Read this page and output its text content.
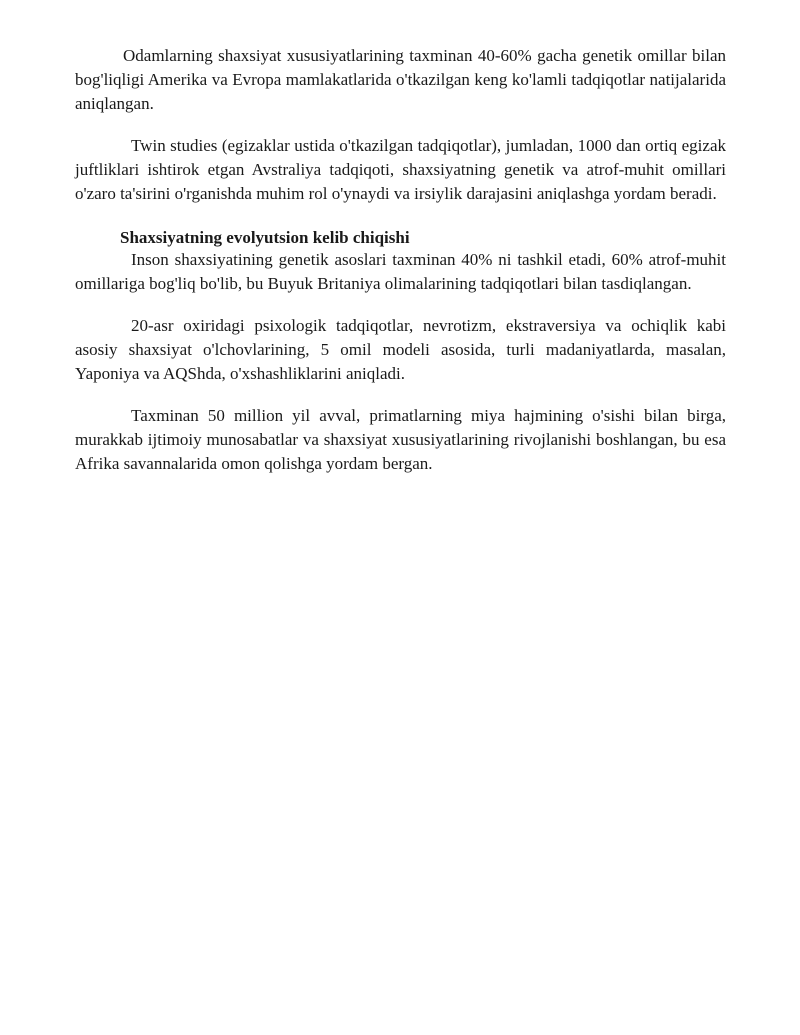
Odamlarning shaxsiyat xususiyatlarining taxminan 40-60% gacha genetik omillar bilan bog'liqligi Amerika va Evropa mamlakatlarida o'tkazilgan keng ko'lamli tadqiqotlar natijalarida aniqlangan.

Twin studies (egizaklar ustida o'tkazilgan tadqiqotlar), jumladan, 1000 dan ortiq egizak juftliklari ishtirok etgan Avstraliya tadqiqoti, shaxsiyatning genetik va atrof-muhit omillari o'zaro ta'sirini o'rganishda muhim rol o'ynaydi va irsiylik darajasini aniqlashga yordam beradi.

Shaxsiyatning evolyutsion kelib chiqishi

Inson shaxsiyatining genetik asoslari taxminan 40% ni tashkil etadi, 60% atrof-muhit omillariga bog'liq bo'lib, bu Buyuk Britaniya olimalarining tadqiqotlari bilan tasdiqlangan.

20-asr oxiridagi psixologik tadqiqotlar, nevrotizm, ekstraversiya va ochiqlik kabi asosiy shaxsiyat o'lchovlarining, 5 omil modeli asosida, turli madaniyatlarda, masalan, Yaponiya va AQShda, o'xshashliklarini aniqladi.

Taxminan 50 million yil avval, primatlarning miya hajmining o'sishi bilan birga, murakkab ijtimoiy munosabatlar va shaxsiyat xususiyatlarining rivojlanishi boshlangan, bu esa Afrika savannalarida omon qolishga yordam bergan.
